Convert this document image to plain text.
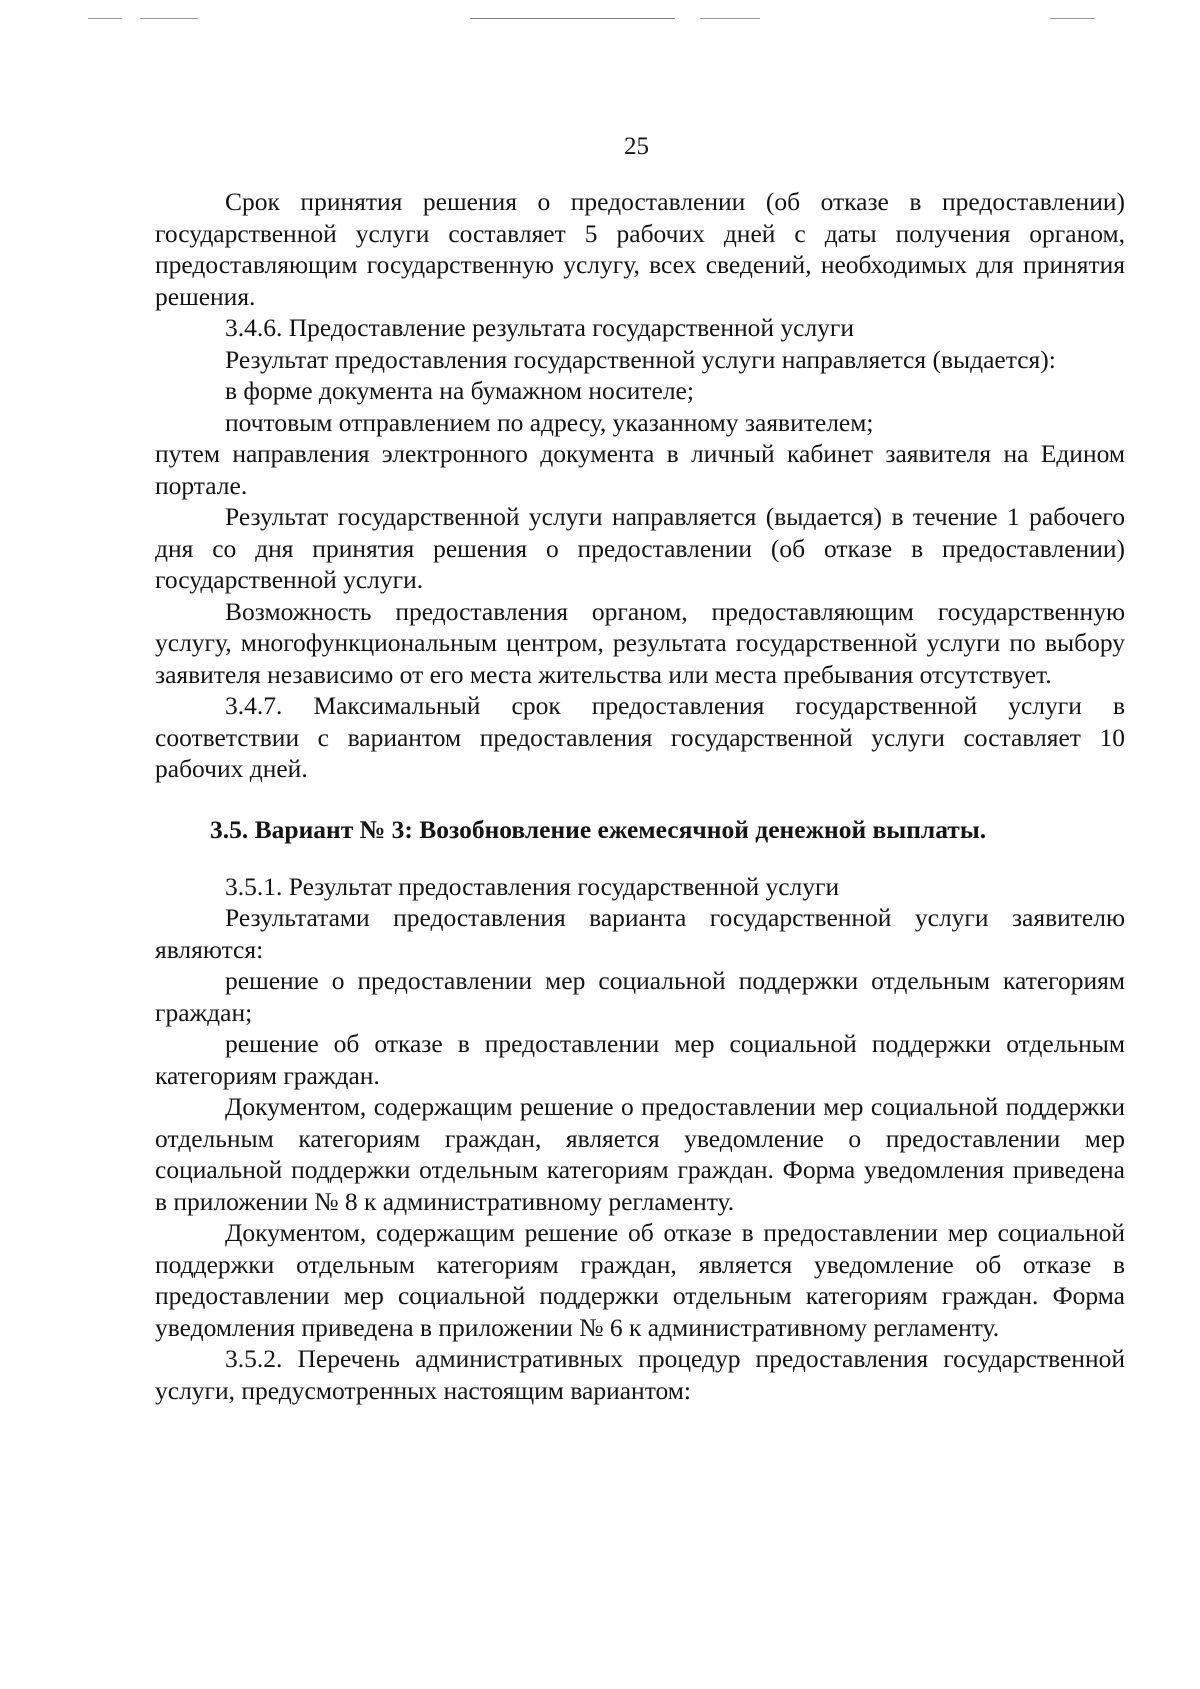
25

Срок принятия решения о предоставлении (об отказе в предоставлении) государственной услуги составляет 5 рабочих дней с даты получения органом, предоставляющим государственную услугу, всех сведений, необходимых для принятия решения.

3.4.6. Предоставление результата государственной услуги

Результат предоставления государственной услуги направляется (выдается):

в форме документа на бумажном носителе;

почтовым отправлением по адресу, указанному заявителем;

путем направления электронного документа в личный кабинет заявителя на Едином портале.

Результат государственной услуги направляется (выдается) в течение 1 рабочего дня со дня принятия решения о предоставлении (об отказе в предоставлении) государственной услуги.

Возможность предоставления органом, предоставляющим государственную услугу, многофункциональным центром, результата государственной услуги по выбору заявителя независимо от его места жительства или места пребывания отсутствует.

3.4.7. Максимальный срок предоставления государственной услуги в соответствии с вариантом предоставления государственной услуги составляет 10 рабочих дней.

3.5. Вариант № 3: Возобновление ежемесячной денежной выплаты.

3.5.1. Результат предоставления государственной услуги

Результатами предоставления варианта государственной услуги заявителю являются:

решение о предоставлении мер социальной поддержки отдельным категориям граждан;

решение об отказе в предоставлении мер социальной поддержки отдельным категориям граждан.

Документом, содержащим решение о предоставлении мер социальной поддержки отдельным категориям граждан, является уведомление о предоставлении мер социальной поддержки отдельным категориям граждан. Форма уведомления приведена в приложении № 8 к административному регламенту.

Документом, содержащим решение об отказе в предоставлении мер социальной поддержки отдельным категориям граждан, является уведомление об отказе в предоставлении мер социальной поддержки отдельным категориям граждан. Форма уведомления приведена в приложении № 6 к административному регламенту.

3.5.2. Перечень административных процедур предоставления государственной услуги, предусмотренных настоящим вариантом:
